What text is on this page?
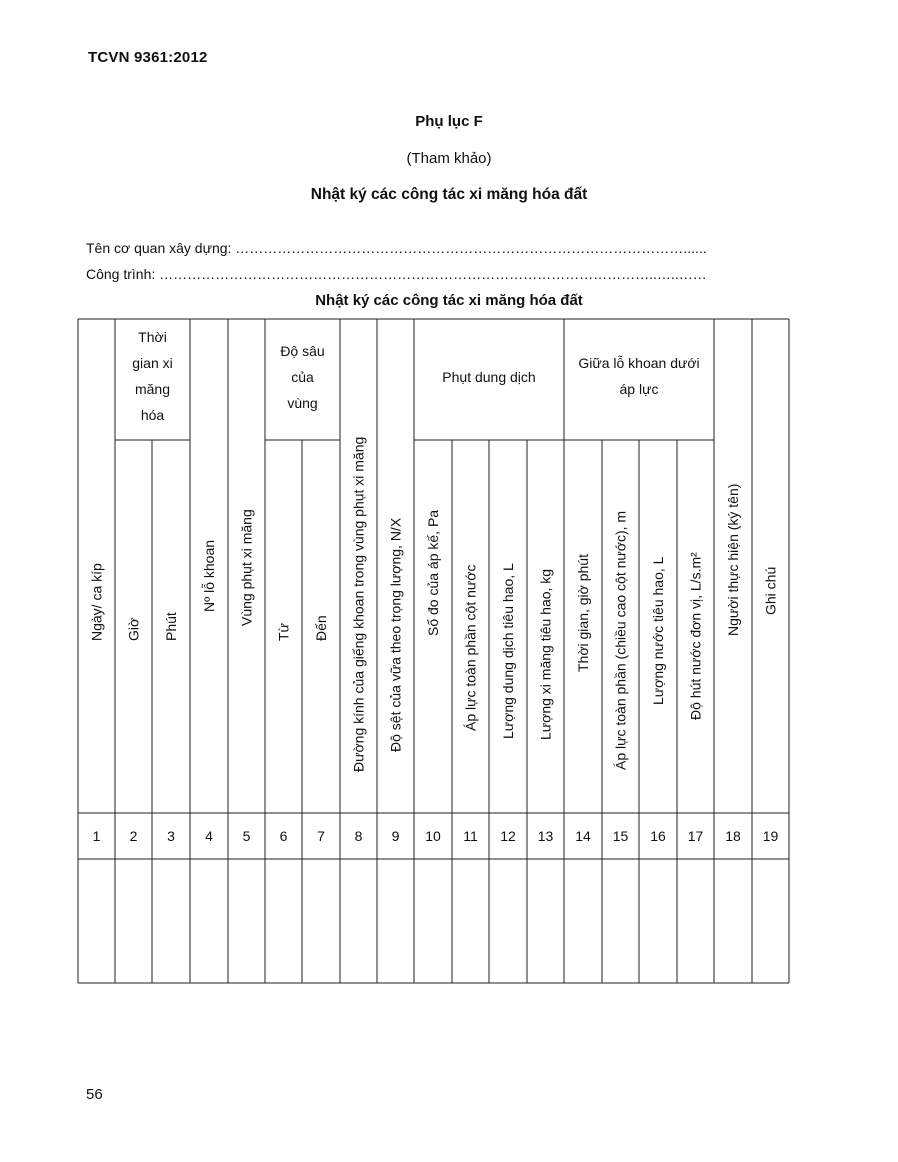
TCVN 9361:2012
Phụ lục F
(Tham khảo)
Nhật ký các công tác xi măng hóa đất
Tên cơ quan xây dựng: ……………………………………………………………………………………......
Công trình: ……………………………………………………………………………………………..…..……
Nhật ký các công tác xi măng hóa đất
Thời
gian xi
măng
hóa
Độ sâu
của
vùng
Phụt dung dịch
Giữa lỗ khoan dưới
áp lực
Ngày/ ca kíp Giờ Phút
Nº lỗ khoan Vùng phụt xi măng
Từ Đến Đường kính của giếng khoan trong vùng phụt xi măng Độ sệt của vữa theo trọng lượng, N/X Số đo của áp kế, Pa Áp lực toàn phần cột nước Lượng dung dịch tiêu hao, L Lượng xi măng tiêu hao, kg Thời gian, giờ phút Áp lực toàn phần (chiều cao cột nước), m Lượng nước tiêu hao, L Độ hút nước đơn vị, L/s.m² Người thực hiện (ký tên) Ghi chú
1 2 3 4 5 6 7 8 9 10 11 12 13 14 15 16 17 18 19
56
